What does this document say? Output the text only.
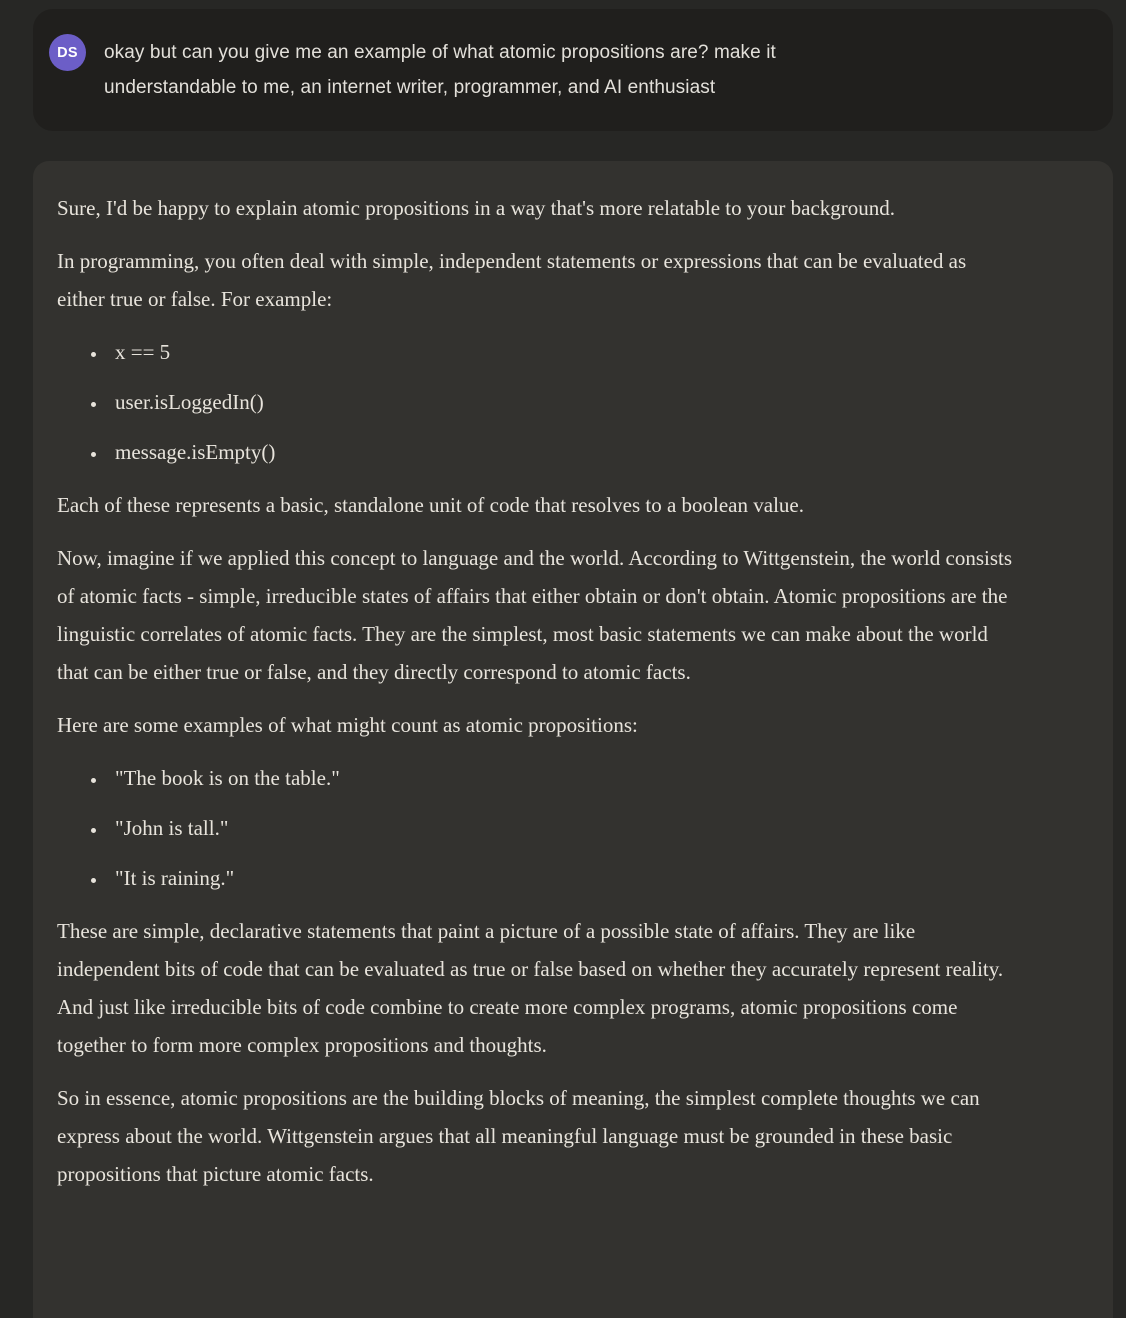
DS okay but can you give me an example of what atomic propositions are? make it understandable to me, an internet writer, programmer, and AI enthusiast

Sure, I'd be happy to explain atomic propositions in a way that's more relatable to your background.

In programming, you often deal with simple, independent statements or expressions that can be evaluated as either true or false. For example:

• x == 5
• user.isLoggedIn()
• message.isEmpty()

Each of these represents a basic, standalone unit of code that resolves to a boolean value.

Now, imagine if we applied this concept to language and the world. According to Wittgenstein, the world consists of atomic facts - simple, irreducible states of affairs that either obtain or don't obtain. Atomic propositions are the linguistic correlates of atomic facts. They are the simplest, most basic statements we can make about the world that can be either true or false, and they directly correspond to atomic facts.

Here are some examples of what might count as atomic propositions:

• "The book is on the table."
• "John is tall."
• "It is raining."

These are simple, declarative statements that paint a picture of a possible state of affairs. They are like independent bits of code that can be evaluated as true or false based on whether they accurately represent reality. And just like irreducible bits of code combine to create more complex programs, atomic propositions come together to form more complex propositions and thoughts.

So in essence, atomic propositions are the building blocks of meaning, the simplest complete thoughts we can express about the world. Wittgenstein argues that all meaningful language must be grounded in these basic propositions that picture atomic facts.
